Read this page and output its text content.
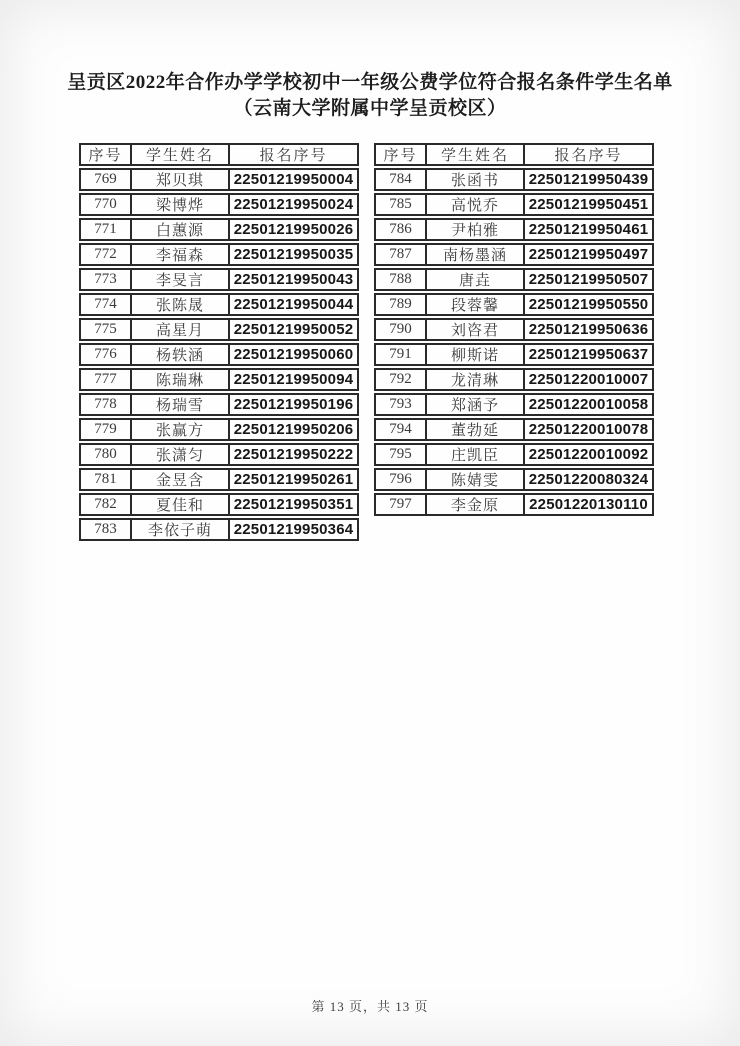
呈贡区2022年合作办学学校初中一年级公费学位符合报名条件学生名单
（云南大学附属中学呈贡校区）
序号	学生姓名	报名序号
769	郑贝琪	22501219950004
770	梁博烨	22501219950024
771	白蕙源	22501219950026
772	李福森	22501219950035
773	李旻言	22501219950043
774	张陈晟	22501219950044
775	高星月	22501219950052
776	杨轶涵	22501219950060
777	陈瑞琳	22501219950094
778	杨瑞雪	22501219950196
779	张赢方	22501219950206
780	张潇匀	22501219950222
781	金昱含	22501219950261
782	夏佳和	22501219950351
783	李依子萌	22501219950364
序号	学生姓名	报名序号
784	张函书	22501219950439
785	高悦乔	22501219950451
786	尹柏雅	22501219950461
787	南杨墨涵	22501219950497
788	唐垚	22501219950507
789	段蓉馨	22501219950550
790	刘咨君	22501219950636
791	柳斯诺	22501219950637
792	龙清琳	22501220010007
793	郑涵予	22501220010058
794	董勃延	22501220010078
795	庄凯臣	22501220010092
796	陈婧雯	22501220080324
797	李金原	22501220130110
第 13 页，共 13 页
